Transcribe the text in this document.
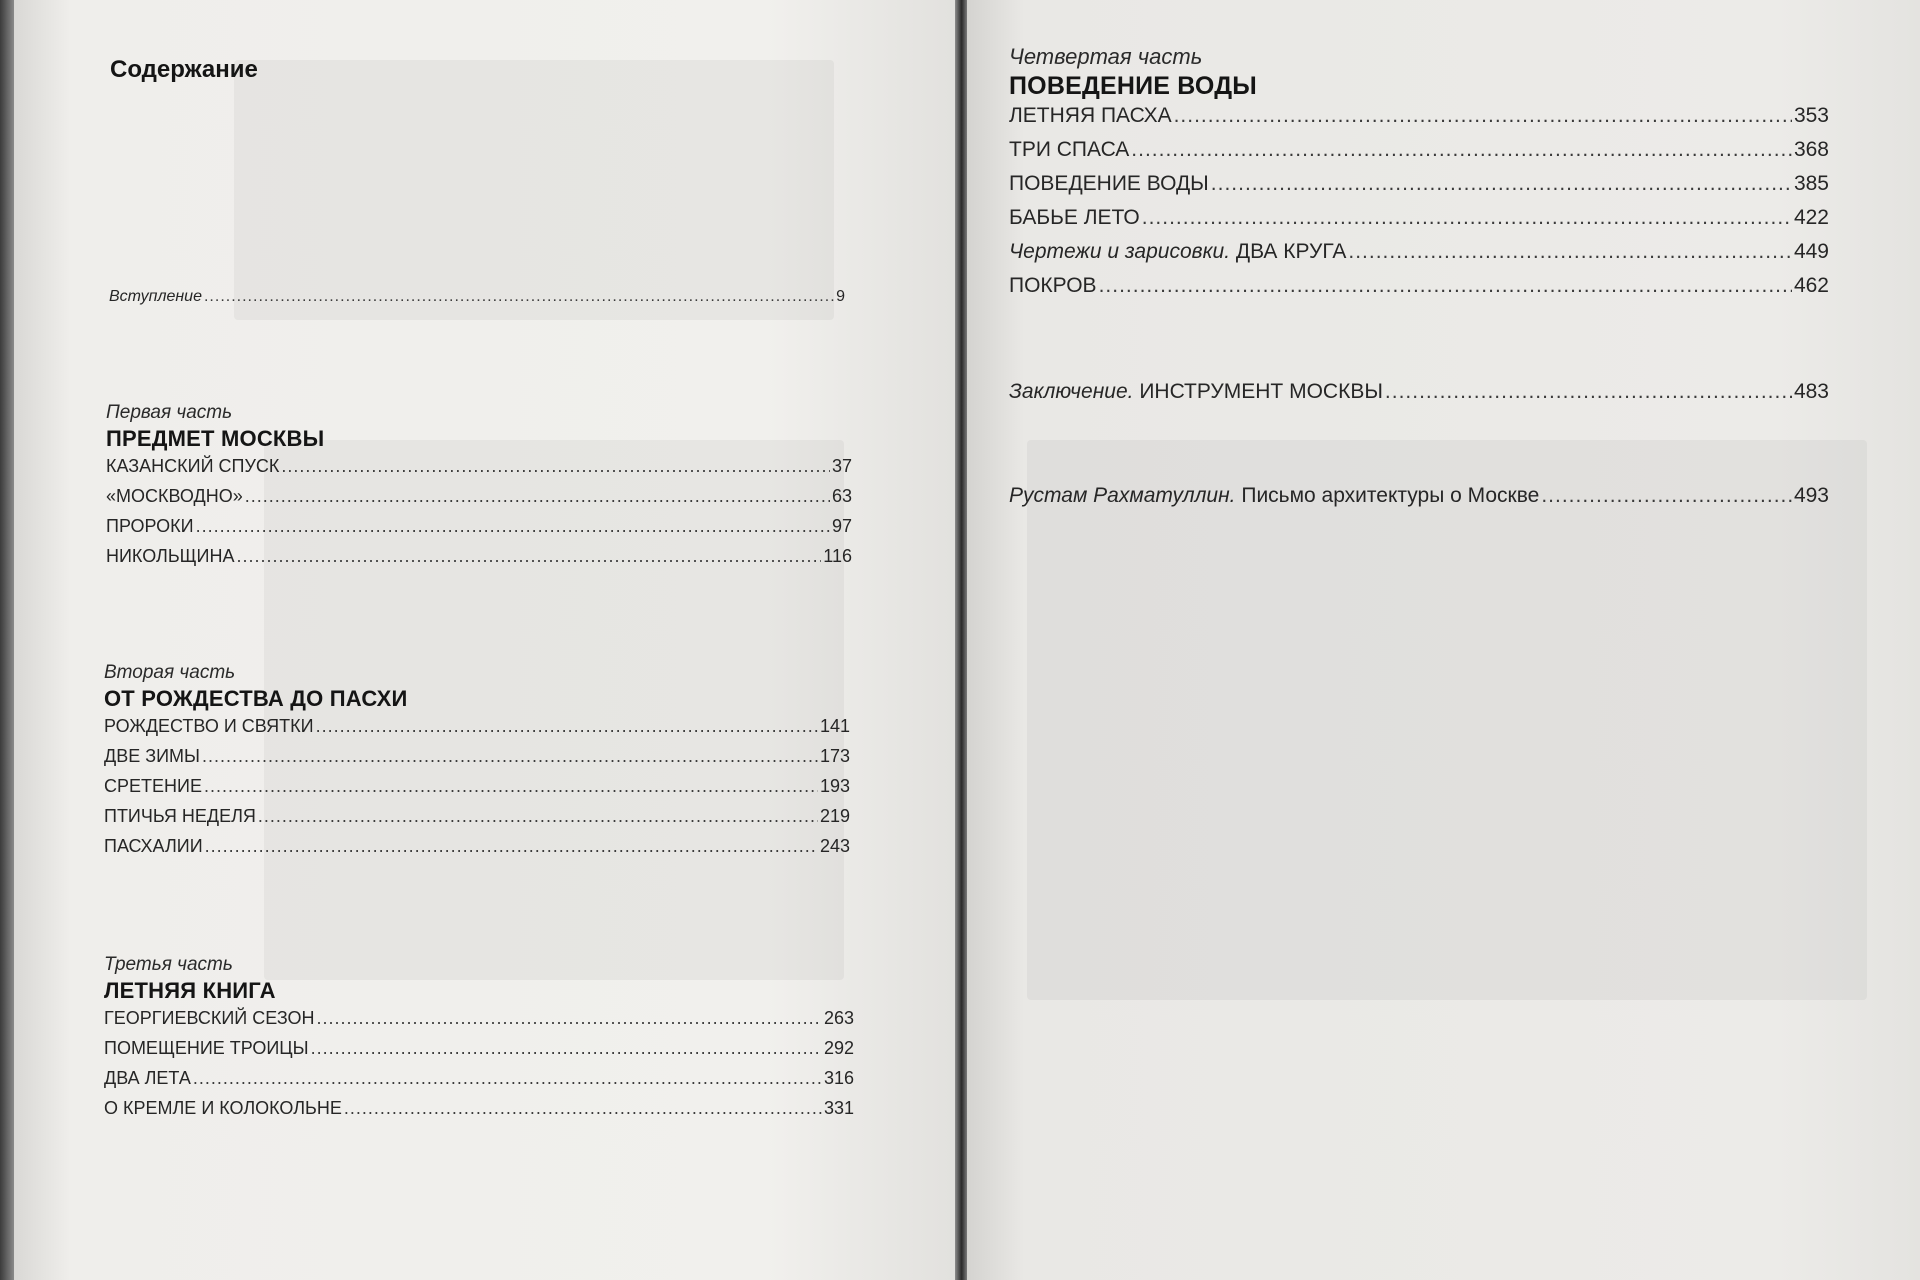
Содержание
Вступление .....	9
Первая часть
ПРЕДМЕТ МОСКВЫ
КАЗАНСКИЙ СПУСК .....	37
«МОСКВОДНО» .....	63
ПРОРОКИ .....	97
НИКОЛЬЩИНА .....	116
Вторая часть
ОТ РОЖДЕСТВА ДО ПАСХИ
РОЖДЕСТВО И СВЯТКИ .....	141
ДВЕ ЗИМЫ .....	173
СРЕТЕНИЕ .....	193
ПТИЧЬЯ НЕДЕЛЯ .....	219
ПАСХАЛИИ .....	243
Третья часть
ЛЕТНЯЯ КНИГА
ГЕОРГИЕВСКИЙ СЕЗОН .....	263
ПОМЕЩЕНИЕ ТРОИЦЫ .....	292
ДВА ЛЕТА .....	316
О КРЕМЛЕ И КОЛОКОЛЬНЕ .....	331
Четвертая часть
ПОВЕДЕНИЕ ВОДЫ
ЛЕТНЯЯ ПАСХА .....	353
ТРИ СПАСА .....	368
ПОВЕДЕНИЕ ВОДЫ .....	385
БАБЬЕ ЛЕТО .....	422
Чертежи и зарисовки. ДВА КРУГА .....	449
ПОКРОВ .....	462
Заключение. ИНСТРУМЕНТ МОСКВЫ .....	483
Рустам Рахматуллин. Письмо архитектуры о Москве .....	493
